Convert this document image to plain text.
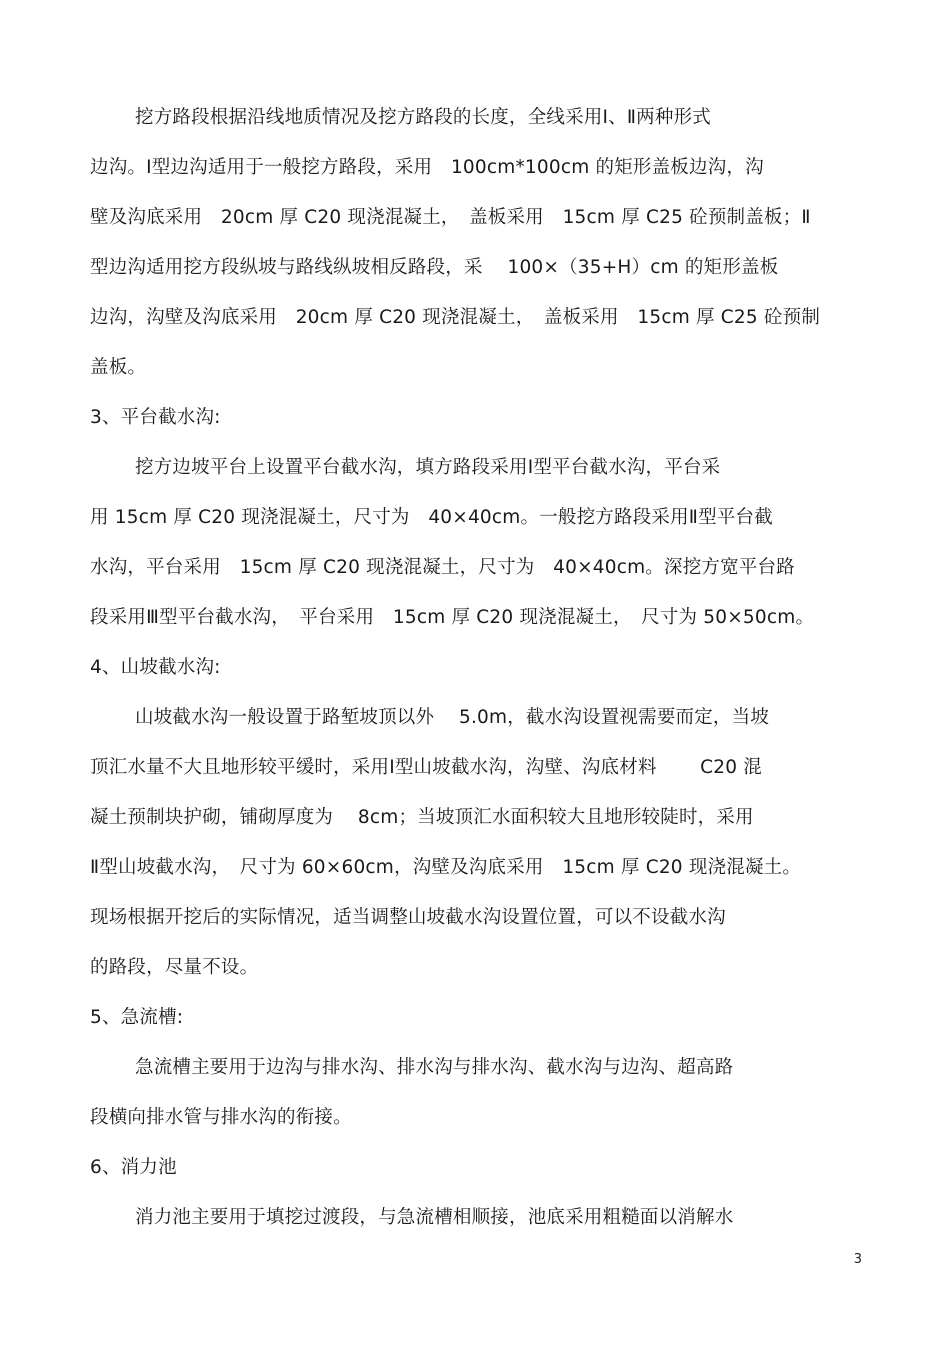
挖方路段根据沿线地质情况及挖方路段的长度，全线采用Ⅰ、Ⅱ两种形式
边沟。Ⅰ型边沟适用于一般挖方路段，采用　100cm*100cm 的矩形盖板边沟，沟
壁及沟底采用　20cm 厚 C20 现浇混凝土，　盖板采用　15cm 厚 C25 砼预制盖板；Ⅱ
型边沟适用挖方段纵坡与路线纵坡相反路段，采　 100×（35+H）cm 的矩形盖板
边沟，沟壁及沟底采用　20cm 厚 C20 现浇混凝土，　盖板采用　15cm 厚 C25 砼预制
盖板。
3、平台截水沟:
挖方边坡平台上设置平台截水沟，填方路段采用Ⅰ型平台截水沟，平台采
用 15cm 厚 C20 现浇混凝土，尺寸为　40×40cm。一般挖方路段采用Ⅱ型平台截
水沟，平台采用　15cm 厚 C20 现浇混凝土，尺寸为　40×40cm。深挖方宽平台路
段采用Ⅲ型平台截水沟，　平台采用　15cm 厚 C20 现浇混凝土，　尺寸为 50×50cm。
4、山坡截水沟:
山坡截水沟一般设置于路堑坡顶以外　 5.0m，截水沟设置视需要而定，当坡
顶汇水量不大且地形较平缓时，采用Ⅰ型山坡截水沟，沟壁、沟底材料　　 C20 混
凝土预制块护砌，铺砌厚度为　 8cm；当坡顶汇水面积较大且地形较陡时，采用
Ⅱ型山坡截水沟，　尺寸为 60×60cm，沟壁及沟底采用　15cm 厚 C20 现浇混凝土。
现场根据开挖后的实际情况，适当调整山坡截水沟设置位置，可以不设截水沟
的路段，尽量不设。
5、急流槽:
急流槽主要用于边沟与排水沟、排水沟与排水沟、截水沟与边沟、超高路
段横向排水管与排水沟的衔接。
6、消力池
消力池主要用于填挖过渡段，与急流槽相顺接，池底采用粗糙面以消解水
3
